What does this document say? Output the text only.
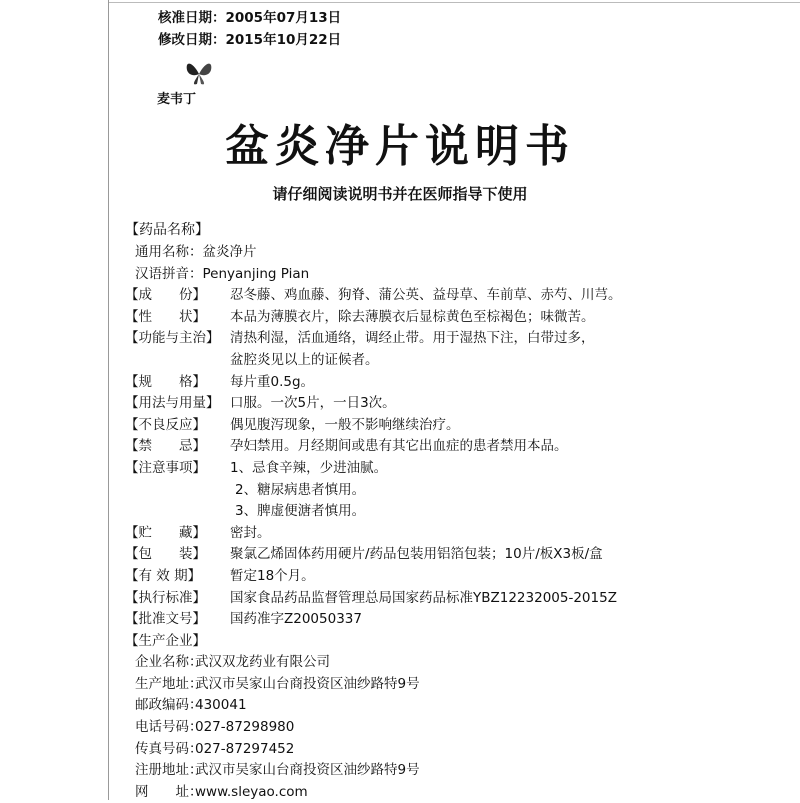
核准日期：2005年07月13日
修改日期：2015年10月22日
麦韦丁
盆炎净片说明书
请仔细阅读说明书并在医师指导下使用
【药品名称】
通用名称：盆炎净片
汉语拼音：Penyanjing Pian
【成　　份】 忍冬藤、鸡血藤、狗脊、蒲公英、益母草、车前草、赤芍、川芎。
【性　　状】 本品为薄膜衣片，除去薄膜衣后显棕黄色至棕褐色；味微苦。
【功能与主治】 清热利湿，活血通络，调经止带。用于湿热下注，白带过多，
盆腔炎见以上的证候者。
【规　　格】 每片重0.5g。
【用法与用量】 口服。一次5片，一日3次。
【不良反应】 偶见腹泻现象，一般不影响继续治疗。
【禁　　忌】 孕妇禁用。月经期间或患有其它出血症的患者禁用本品。
【注意事项】 1、忌食辛辣，少进油腻。
2、糖尿病患者慎用。
3、脾虚便溏者慎用。
【贮　　藏】 密封。
【包　　装】 聚氯乙烯固体药用硬片/药品包装用铝箔包装；10片/板X3板/盒
【有 效 期】 暂定18个月。
【执行标准】 国家食品药品监督管理总局国家药品标准YBZ12232005-2015Z
【批准文号】 国药准字Z20050337
【生产企业】
企业名称：
武汉双龙药业有限公司
生产地址：
武汉市吴家山台商投资区油纱路特9号
邮政编码：
430041
电话号码：
027-87298980
传真号码：
027-87297452
注册地址：
武汉市吴家山台商投资区油纱路特9号
网　　址：
www.sleyao.com
